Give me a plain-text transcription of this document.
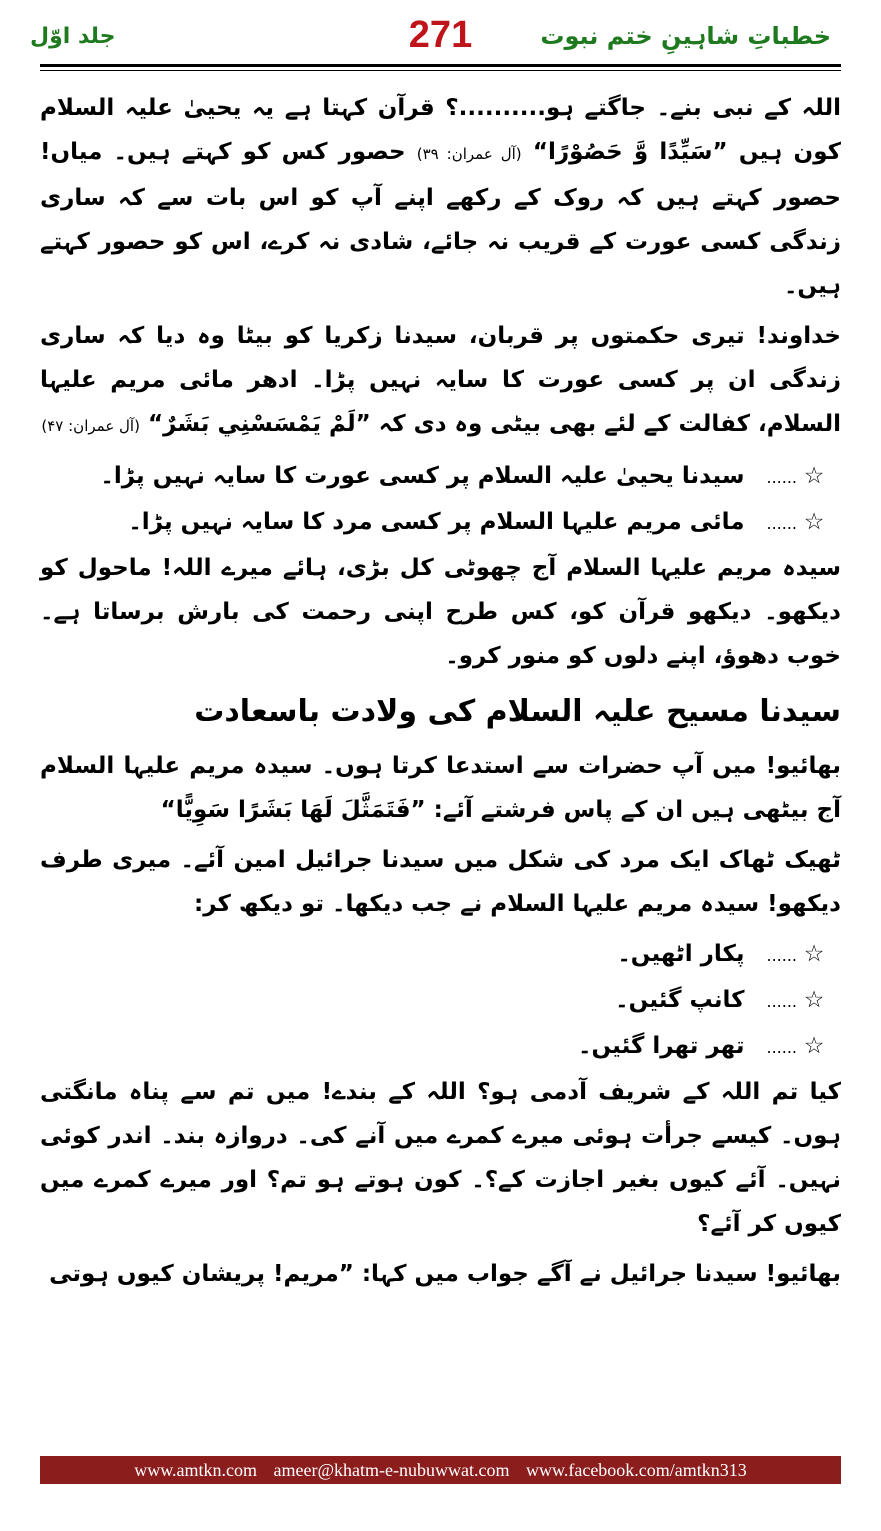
خطباتِ شاہینِ ختم نبوت
271
جلد اوّل
اللہ کے نبی بنے۔ جاگتے ہو..........؟ قرآن کہتا ہے یہ یحییٰ علیہ السلام کون ہیں ”سَيِّدًا وَّ حَصُوْرًا“ (آل عمران: ۳۹) حصور کس کو کہتے ہیں۔ میاں! حصور کہتے ہیں کہ روک کے رکھے اپنے آپ کو اس بات سے کہ ساری زندگی کسی عورت کے قریب نہ جائے، شادی نہ کرے، اس کو حصور کہتے ہیں۔
خداوند! تیری حکمتوں پر قربان، سیدنا زکریا کو بیٹا وہ دیا کہ ساری زندگی ان پر کسی عورت کا سایہ نہیں پڑا۔ ادھر مائی مریم علیہا السلام، کفالت کے لئے بھی بیٹی وہ دی کہ ”لَمْ يَمْسَسْنِي بَشَرٌ“ (آل عمران: ۴۷)
☆......سیدنا یحییٰ علیہ السلام پر کسی عورت کا سایہ نہیں پڑا۔
☆......مائی مریم علیہا السلام پر کسی مرد کا سایہ نہیں پڑا۔
سیدہ مریم علیہا السلام آج چھوٹی کل بڑی، ہائے میرے اللہ! ماحول کو دیکھو۔ دیکھو قرآن کو، کس طرح اپنی رحمت کی بارش برساتا ہے۔ خوب دھوؤ، اپنے دلوں کو منور کرو۔
سیدنا مسیح علیہ السلام کی ولادت باسعادت
بھائیو! میں آپ حضرات سے استدعا کرتا ہوں۔ سیدہ مریم علیہا السلام آج بیٹھی ہیں ان کے پاس فرشتے آئے: ”فَتَمَثَّلَ لَهَا بَشَرًا سَوِيًّا“
ٹھیک ٹھاک ایک مرد کی شکل میں سیدنا جرائیل امین آئے۔ میری طرف دیکھو! سیدہ مریم علیہا السلام نے جب دیکھا۔ تو دیکھ کر:
☆......پکار اٹھیں۔
☆......کانپ گئیں۔
☆......تھر تھرا گئیں۔
کیا تم اللہ کے شریف آدمی ہو؟ اللہ کے بندے! میں تم سے پناہ مانگتی ہوں۔ کیسے جرأت ہوئی میرے کمرے میں آنے کی۔ دروازہ بند۔ اندر کوئی نہیں۔ آئے کیوں بغیر اجازت کے؟۔ کون ہوتے ہو تم؟ اور میرے کمرے میں کیوں کر آئے؟
بھائیو! سیدنا جرائیل نے آگے جواب میں کہا: ”مریم! پریشان کیوں ہوتی
www.amtkn.com ameer@khatm-e-nubuwwat.com www.facebook.com/amtkn313
